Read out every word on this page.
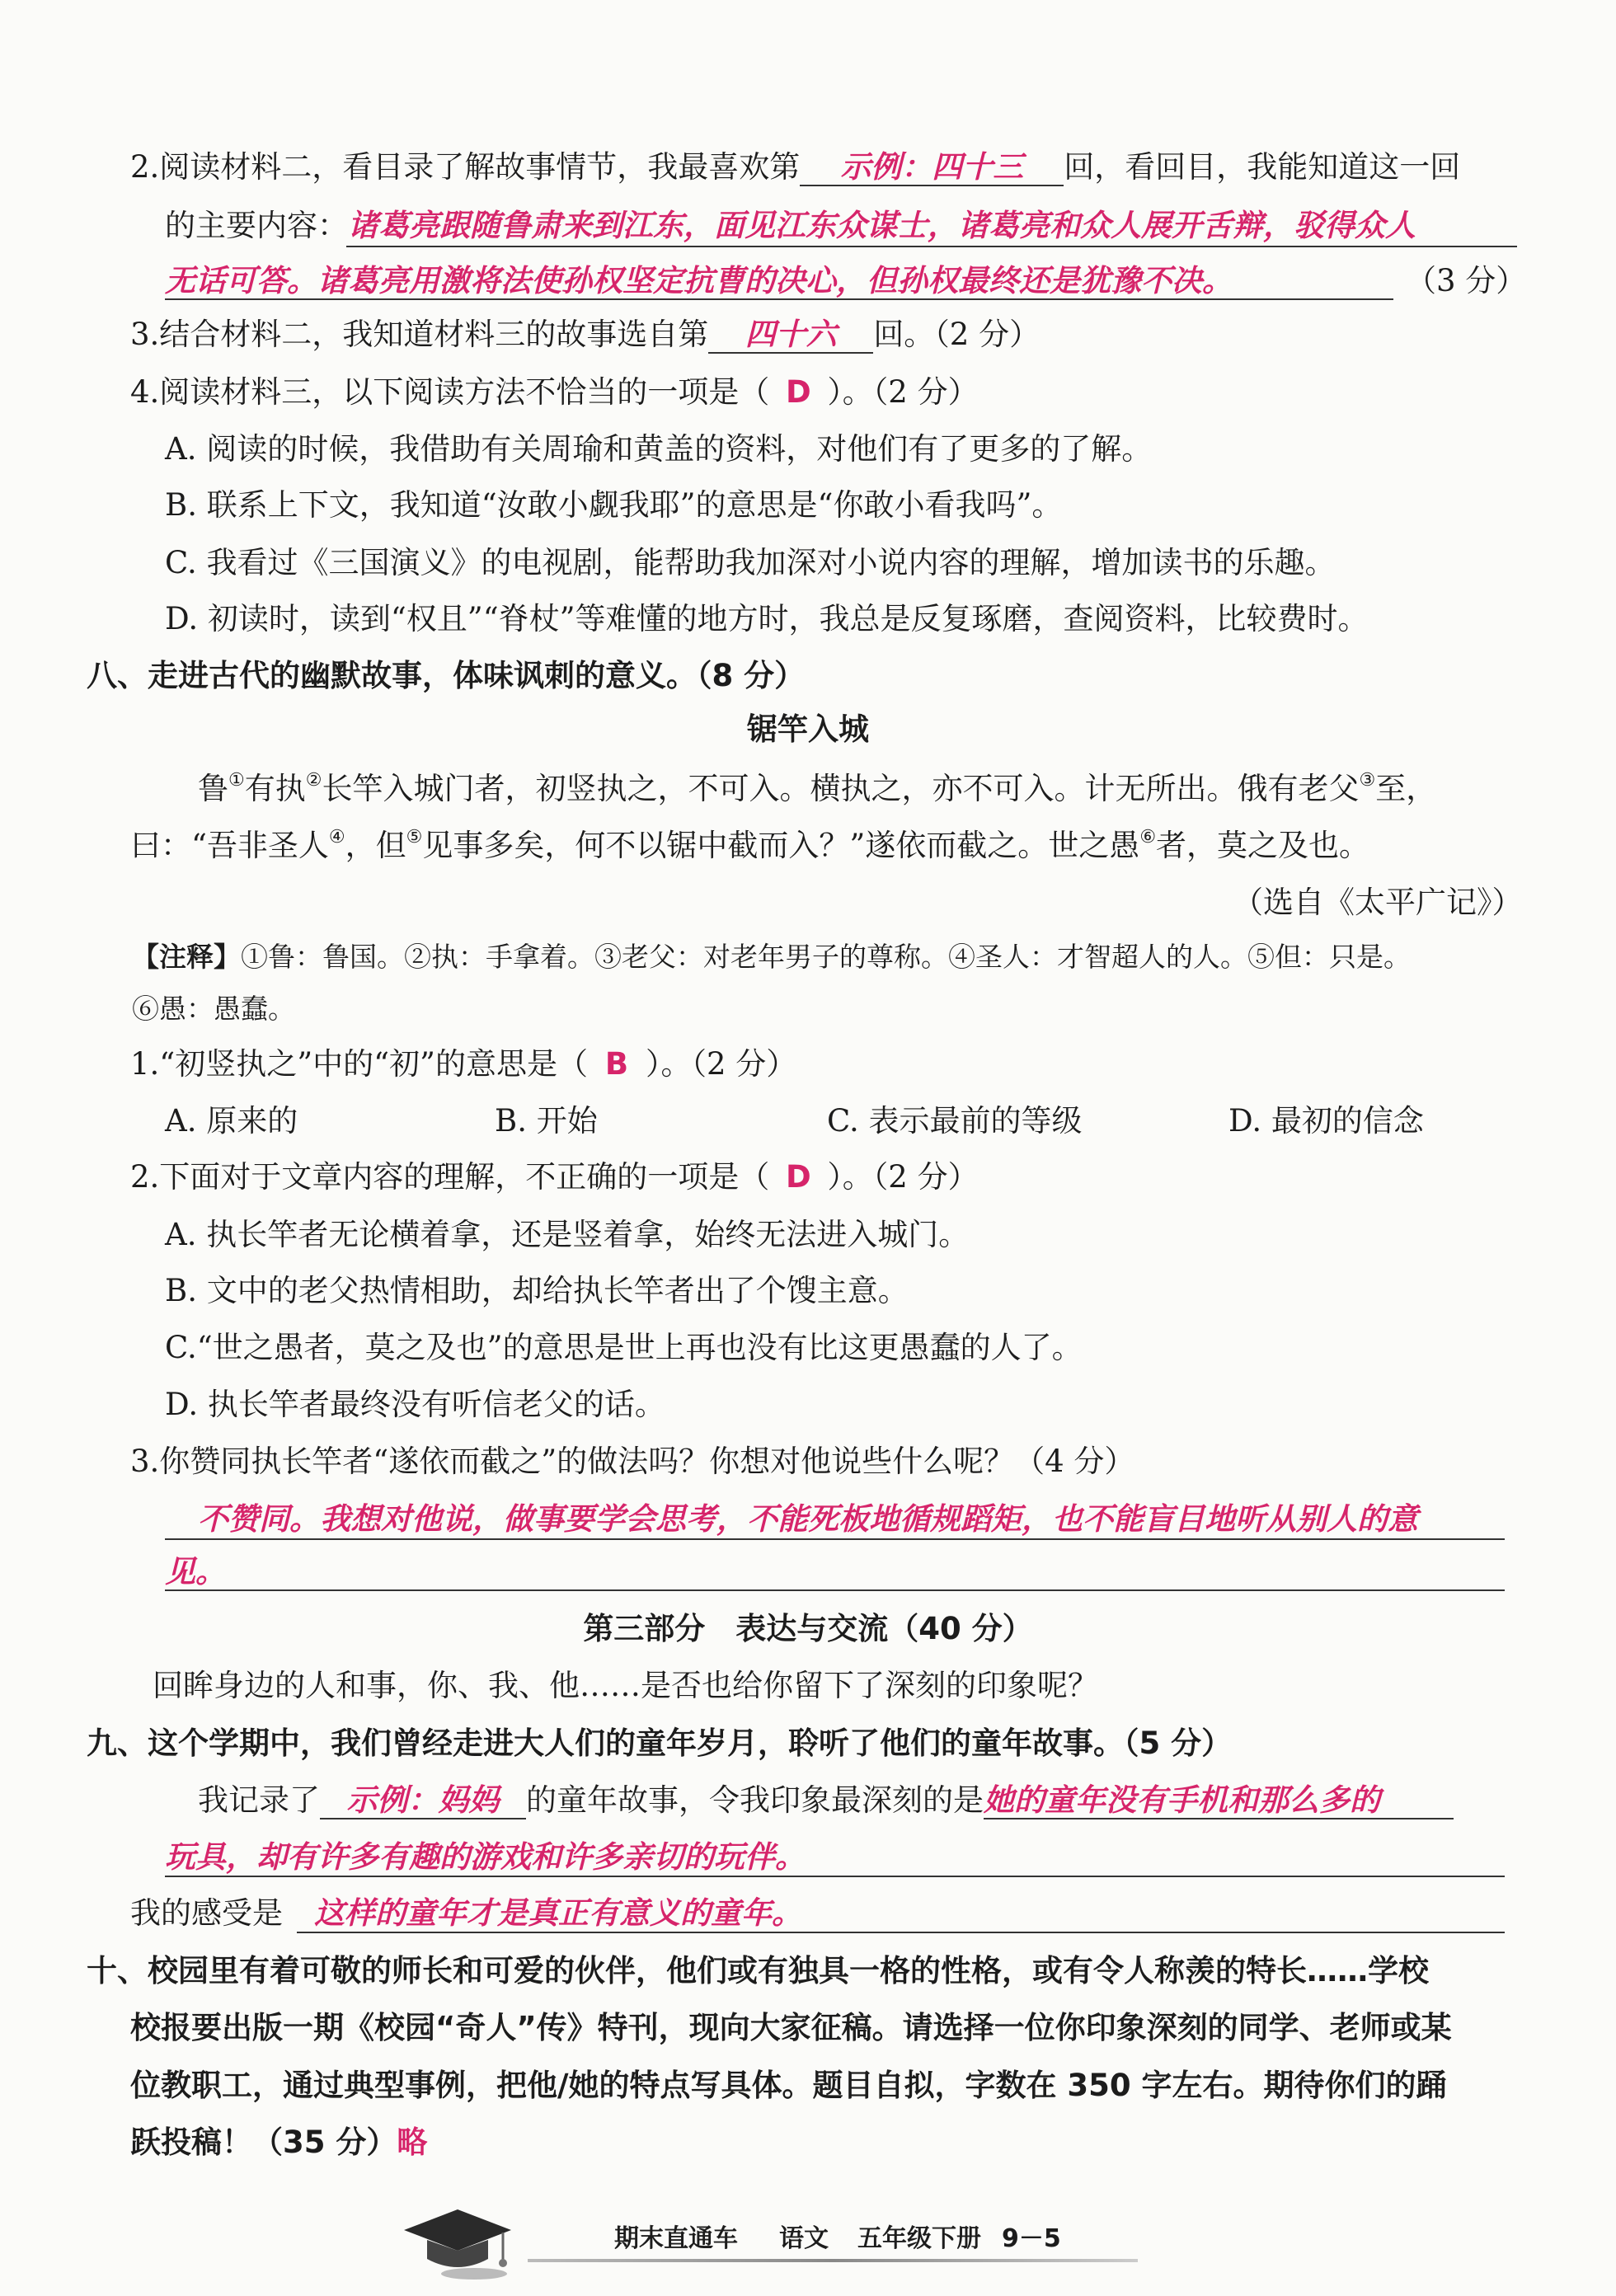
2.阅读材料二，看目录了解故事情节，我最喜欢第 示例：四十三 回，看回目，我能知道这一回
的主要内容：诸葛亮跟随鲁肃来到江东，面见江东众谋士，诸葛亮和众人展开舌辩，驳得众人
无话可答。诸葛亮用激将法使孙权坚定抗曹的决心，但孙权最终还是犹豫不决。	（3 分）
3.结合材料二，我知道材料三的故事选自第 四十六 回。（2 分）
4.阅读材料三，以下阅读方法不恰当的一项是（ D ）。（2 分）
A. 阅读的时候，我借助有关周瑜和黄盖的资料，对他们有了更多的了解。
B. 联系上下文，我知道“汝敢小觑我耶”的意思是“你敢小看我吗”。
C. 我看过《三国演义》的电视剧，能帮助我加深对小说内容的理解，增加读书的乐趣。
D. 初读时，读到“权且”“脊杖”等难懂的地方时，我总是反复琢磨，查阅资料，比较费时。
八、走进古代的幽默故事，体味讽刺的意义。（8 分）
锯竿入城
鲁①有执②长竿入城门者，初竖执之，不可入。横执之，亦不可入。计无所出。俄有老父③至，
曰：“吾非圣人④，但⑤见事多矣，何不以锯中截而入？”遂依而截之。世之愚⑥者，莫之及也。
（选自《太平广记》）
【注释】①鲁：鲁国。②执：手拿着。③老父：对老年男子的尊称。④圣人：才智超人的人。⑤但：只是。
⑥愚：愚蠢。
1.“初竖执之”中的“初”的意思是（ B ）。（2 分）
A. 原来的	B. 开始	C. 表示最前的等级	D. 最初的信念
2.下面对于文章内容的理解，不正确的一项是（ D ）。（2 分）
A. 执长竿者无论横着拿，还是竖着拿，始终无法进入城门。
B. 文中的老父热情相助，却给执长竿者出了个馊主意。
C.“世之愚者，莫之及也”的意思是世上再也没有比这更愚蠢的人了。
D. 执长竿者最终没有听信老父的话。
3.你赞同执长竿者“遂依而截之”的做法吗？你想对他说些什么呢？（4 分）
不赞同。我想对他说，做事要学会思考，不能死板地循规蹈矩，也不能盲目地听从别人的意
见。
第三部分　表达与交流（40 分）
回眸身边的人和事，你、我、他……是否也给你留下了深刻的印象呢？
九、这个学期中，我们曾经走进大人们的童年岁月，聆听了他们的童年故事。（5 分）
我记录了 示例：妈妈 的童年故事，令我印象最深刻的是她的童年没有手机和那么多的
玩具，却有许多有趣的游戏和许多亲切的玩伴。
我的感受是 这样的童年才是真正有意义的童年。
十、校园里有着可敬的师长和可爱的伙伴，他们或有独具一格的性格，或有令人称羡的特长……学校
校报要出版一期《校园“奇人”传》特刊，现向大家征稿。请选择一位你印象深刻的同学、老师或某
位教职工，通过典型事例，把他/她的特点写具体。题目自拟，字数在 350 字左右。期待你们的踊
跃投稿！（35 分）略
期末直通车 语文 五年级下册 9－5
